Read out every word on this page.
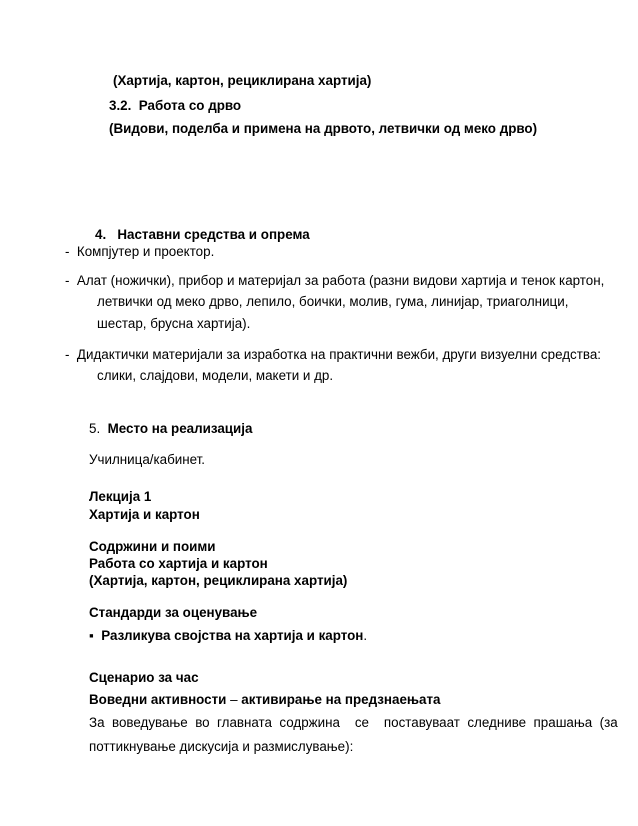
(Хартија, картон, рециклирана хартија)
3.2. Работа со дрво
(Видови, поделба и примена на дрвото, летвички од меко дрво)
4. Наставни средства и опрема
- Компјутер и проектор.
- Алат (ножички), прибор и материјал за работа (разни видови хартија и тенок картон,
летвички од меко дрво, лепило, боички, молив, гума, линијар, триаголници,
шестар, брусна хартија).
- Дидактички материјали за изработка на практични вежби, други визуелни средства:
слики, слајдови, модели, макети и др.
5. Место на реализација
Училница/кабинет.
Лекција 1
Хартија и картон
Содржини и поими
Работа со хартија и картон
(Хартија, картон, рециклирана хартија)
Стандарди за оценување
▪ Разликува својства на хартија и картон.
Сценарио за час
Воведни активности – активирање на предзнаењата
За  воведување  во  главната  содржина    се    поставуваат  следниве  прашања  (за
поттикнување дискусија и размислување):
